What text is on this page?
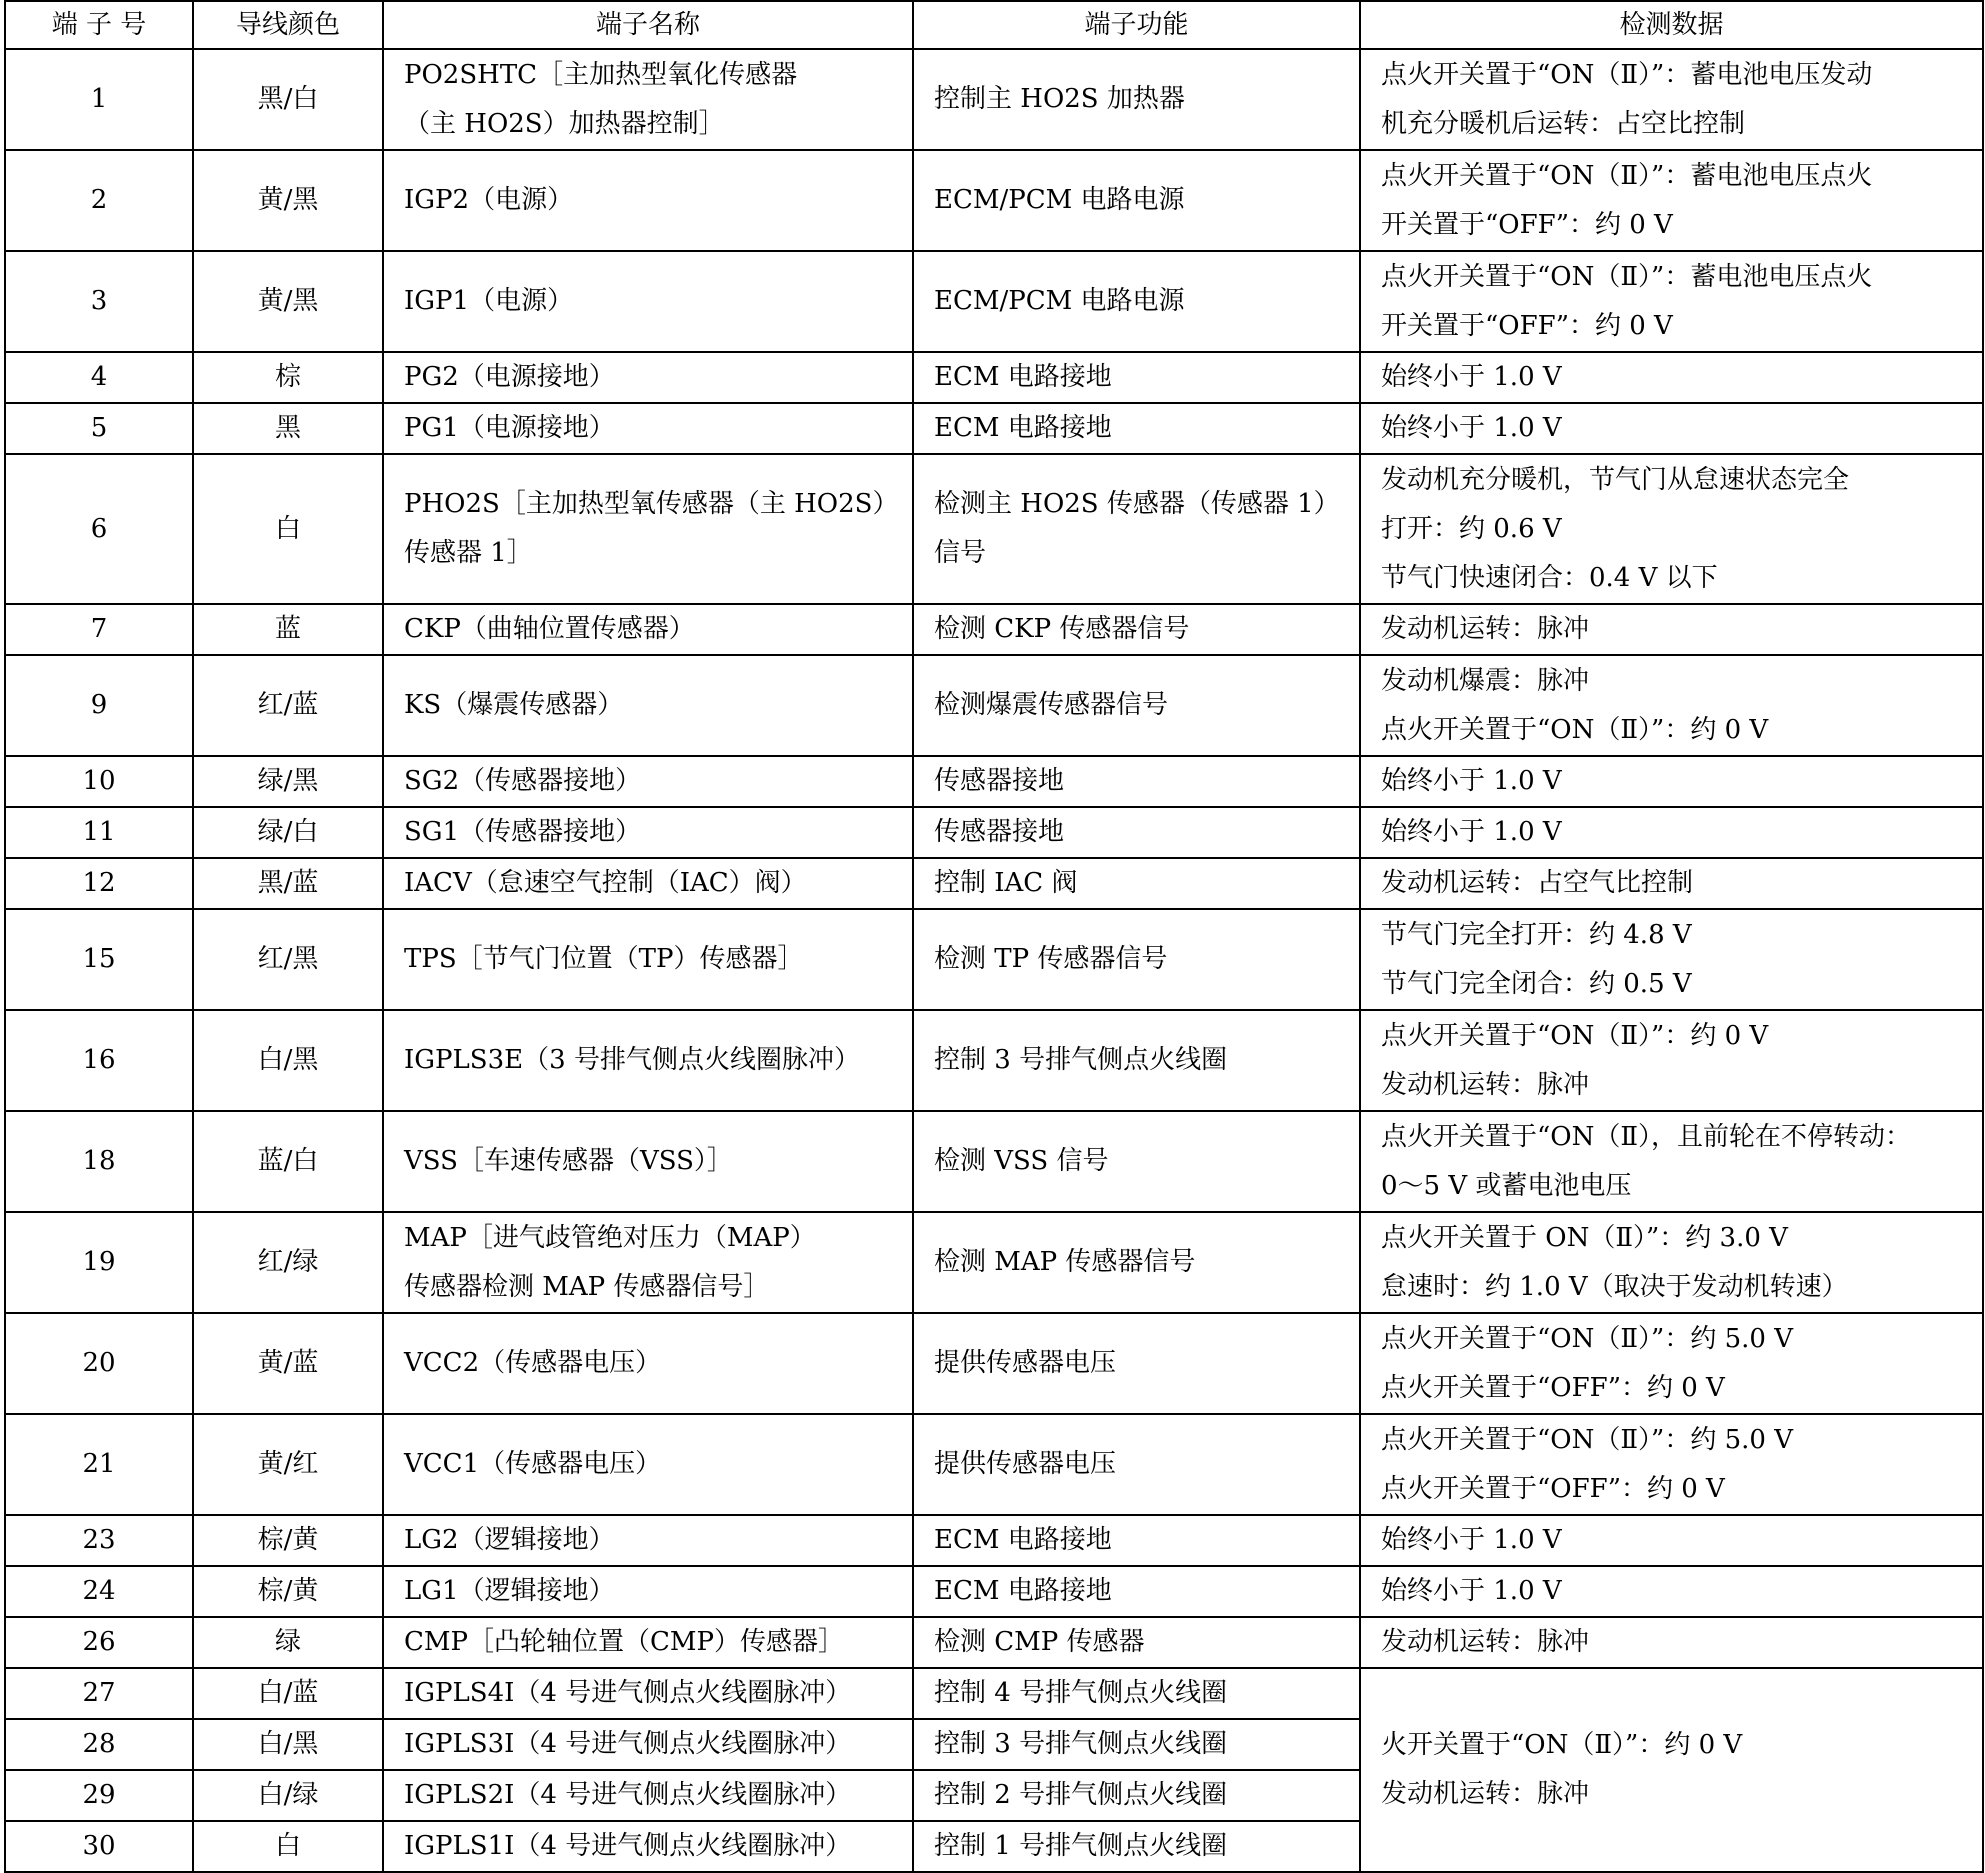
端 子 号	导线颜色	端子名称	端子功能	检测数据
1	黑/白	PO2SHTC［主加热型氧化传感器
（主 HO2S）加热器控制］	控制主 HO2S 加热器	点火开关置于“ON（Ⅱ）”：蓄电池电压发动
机充分暖机后运转：占空比控制

2	黄/黑	IGP2（电源）	ECM/PCM 电路电源	点火开关置于“ON（Ⅱ）”：蓄电池电压点火
开关置于“OFF”：约 0 V

3	黄/黑	IGP1（电源）	ECM/PCM 电路电源	点火开关置于“ON（Ⅱ）”：蓄电池电压点火
开关置于“OFF”：约 0 V

4	棕	PG2（电源接地）	ECM 电路接地	始终小于 1.0 V

5	黑	PG1（电源接地）	ECM 电路接地	始终小于 1.0 V

6	白	PHO2S［主加热型氧传感器（主 HO2S）
传感器 1］	检测主 HO2S 传感器（传感器 1）
信号	发动机充分暖机，节气门从怠速状态完全
打开：约 0.6 V
节气门快速闭合：0.4 V 以下

7	蓝	CKP（曲轴位置传感器）	检测 CKP 传感器信号	发动机运转：脉冲

9	红/蓝	KS（爆震传感器）	检测爆震传感器信号	发动机爆震：脉冲
点火开关置于“ON（Ⅱ）”：约 0 V

10	绿/黑	SG2（传感器接地）	传感器接地	始终小于 1.0 V

11	绿/白	SG1（传感器接地）	传感器接地	始终小于 1.0 V

12	黑/蓝	IACV（怠速空气控制（IAC）阀）	控制 IAC 阀	发动机运转：占空气比控制

15	红/黑	TPS［节气门位置（TP）传感器］	检测 TP 传感器信号	节气门完全打开：约 4.8 V
节气门完全闭合：约 0.5 V

16	白/黑	IGPLS3E（3 号排气侧点火线圈脉冲）	控制 3 号排气侧点火线圈	点火开关置于“ON（Ⅱ）”：约 0 V
发动机运转：脉冲

18	蓝/白	VSS［车速传感器（VSS）］	检测 VSS 信号	点火开关置于“ON（Ⅱ），且前轮在不停转动：
0～5 V 或蓄电池电压

19	红/绿	MAP［进气歧管绝对压力（MAP）
传感器检测 MAP 传感器信号］	检测 MAP 传感器信号	点火开关置于 ON（Ⅱ）”：约 3.0 V
怠速时：约 1.0 V（取决于发动机转速）

20	黄/蓝	VCC2（传感器电压）	提供传感器电压	点火开关置于“ON（Ⅱ）”：约 5.0 V
点火开关置于“OFF”：约 0 V

21	黄/红	VCC1（传感器电压）	提供传感器电压	点火开关置于“ON（Ⅱ）”：约 5.0 V
点火开关置于“OFF”：约 0 V

23	棕/黄	LG2（逻辑接地）	ECM 电路接地	始终小于 1.0 V

24	棕/黄	LG1（逻辑接地）	ECM 电路接地	始终小于 1.0 V

26	绿	CMP［凸轮轴位置（CMP）传感器］	检测 CMP 传感器	发动机运转：脉冲

27	白/蓝	IGPLS4I（4 号进气侧点火线圈脉冲）	控制 4 号排气侧点火线圈	火开关置于“ON（Ⅱ）”：约 0 V
发动机运转：脉冲

28	白/黑	IGPLS3I（4 号进气侧点火线圈脉冲）	控制 3 号排气侧点火线圈	

29	白/绿	IGPLS2I（4 号进气侧点火线圈脉冲）	控制 2 号排气侧点火线圈	

30	白	IGPLS1I（4 号进气侧点火线圈脉冲）	控制 1 号排气侧点火线圈	
